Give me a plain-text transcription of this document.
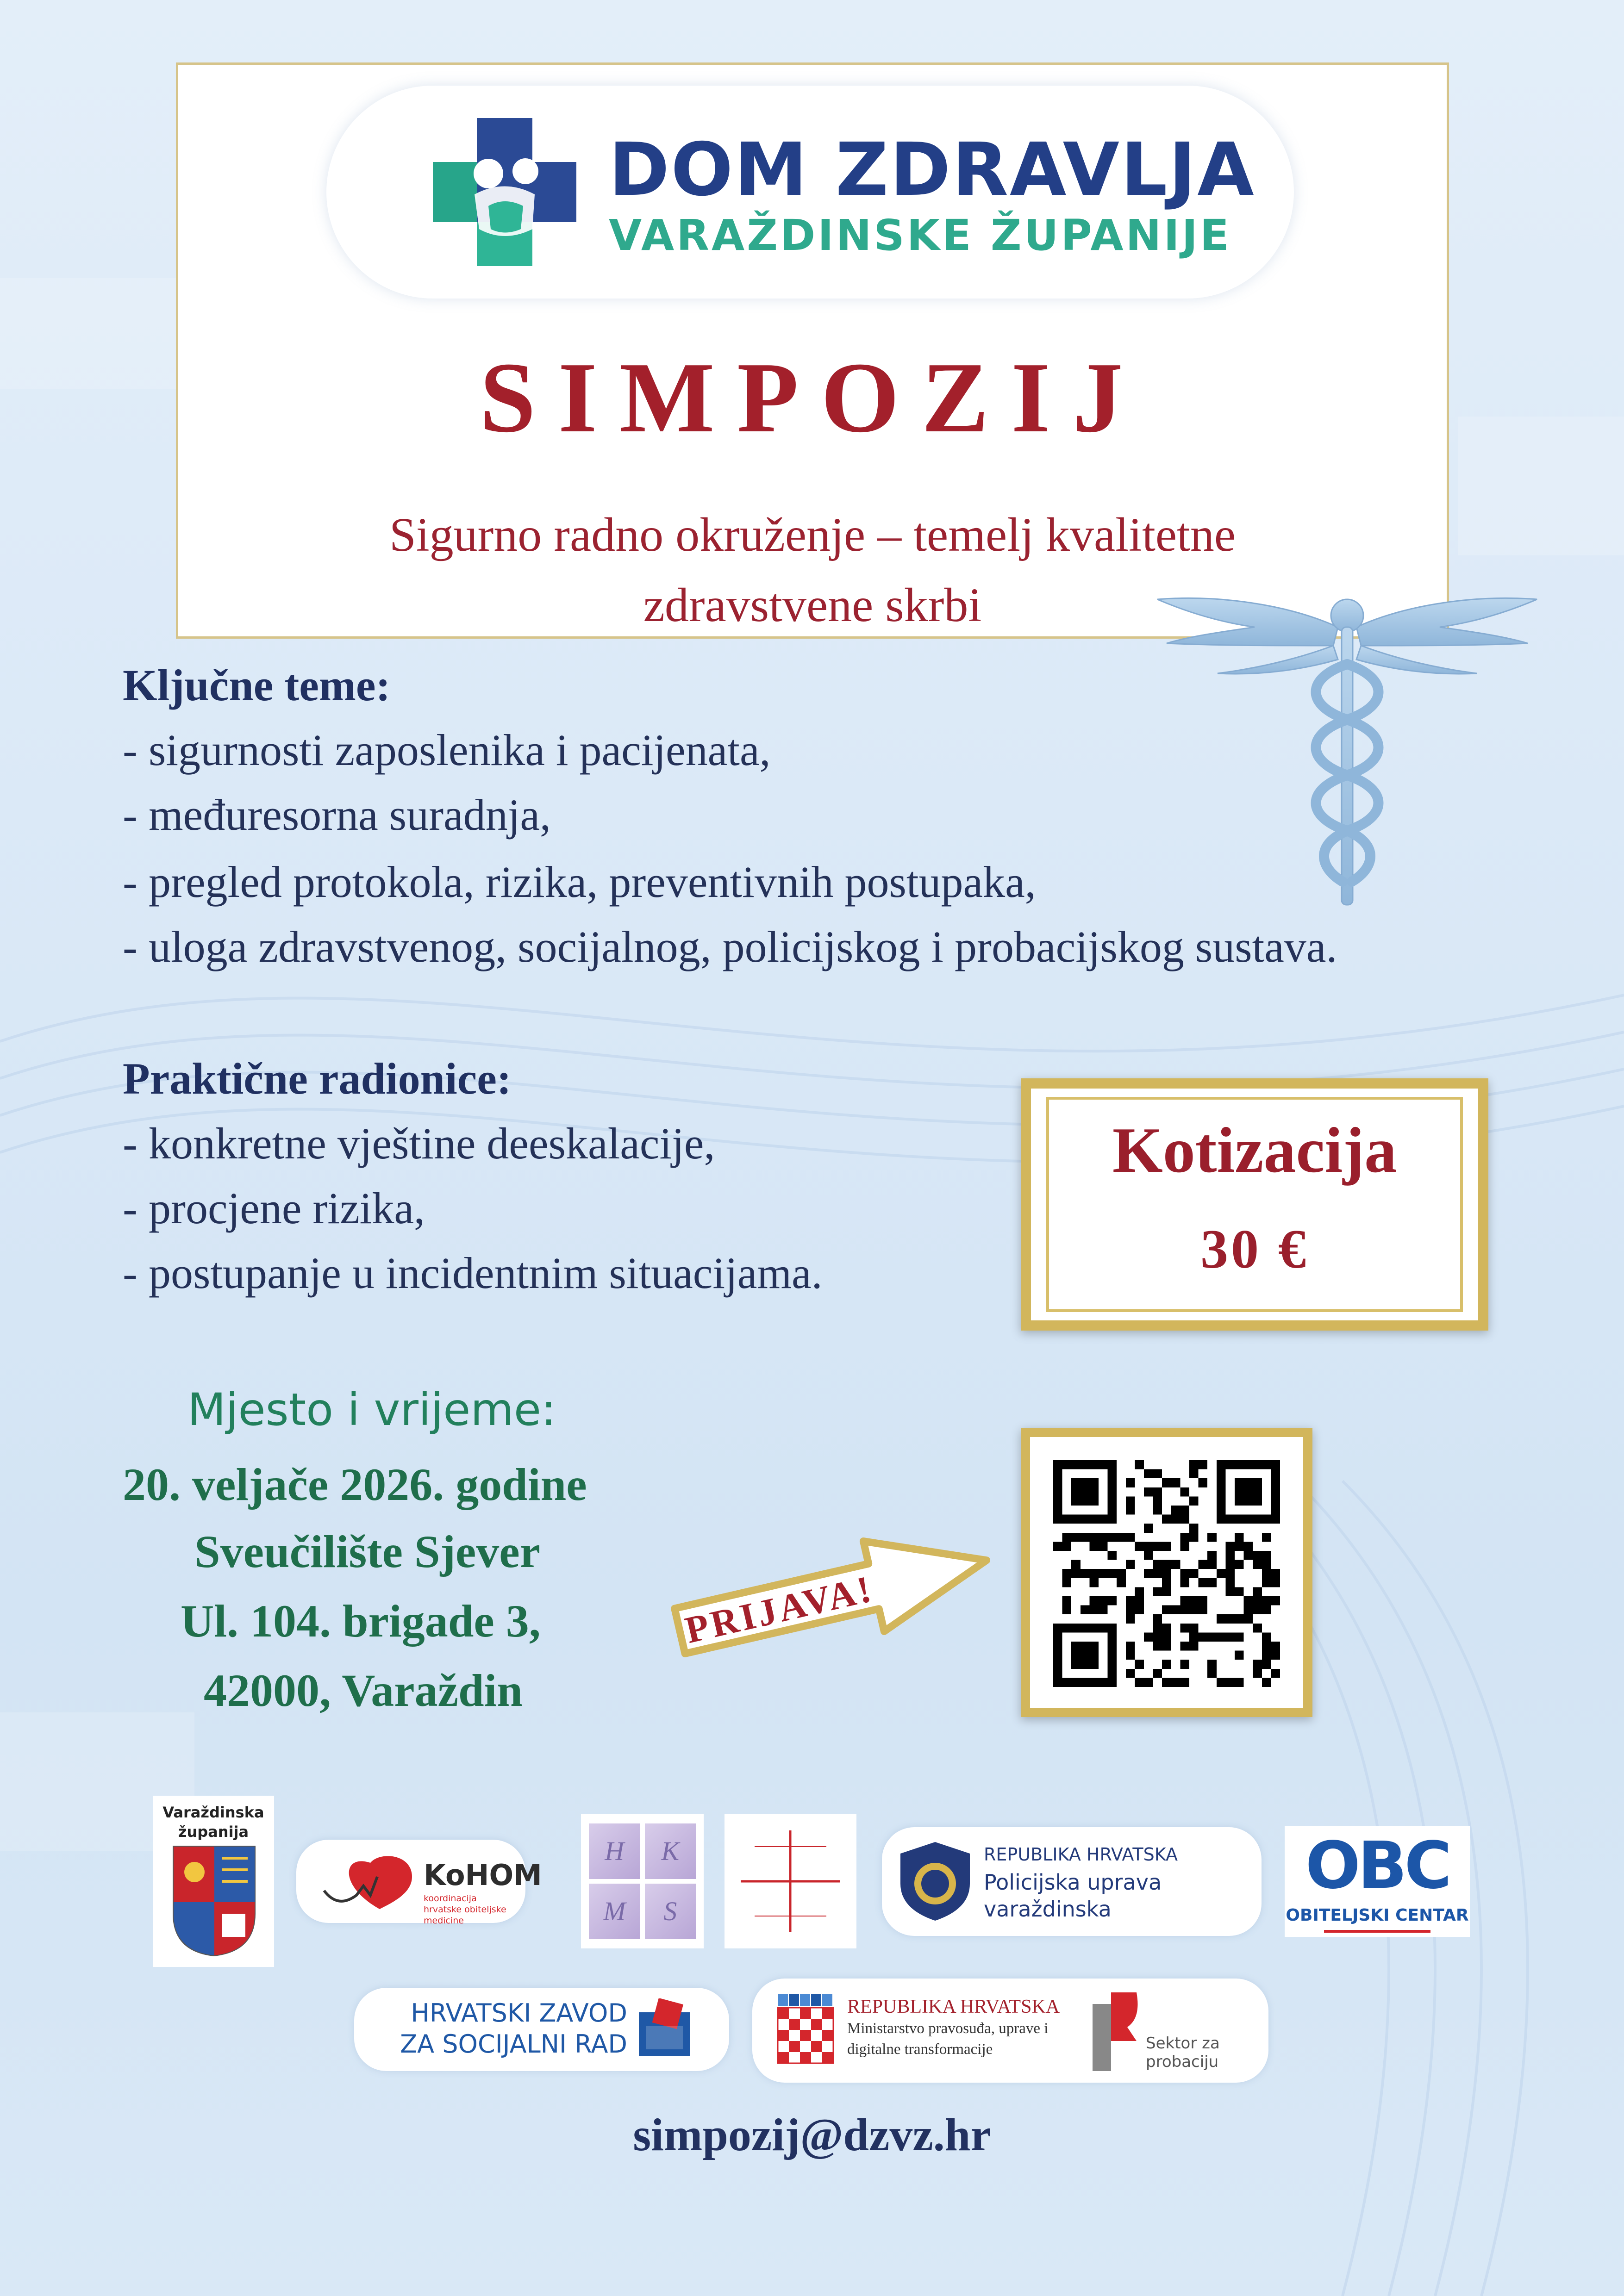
DOM ZDRAVLJA
VARAŽDINSKE ŽUPANIJE
SIMPOZIJ
Sigurno radno okruženje – temelj kvalitetne
zdravstvene skrbi
Ključne teme:
- sigurnosti zaposlenika i pacijenata,
- međuresorna suradnja,
- pregled protokola, rizika, preventivnih postupaka,
- uloga zdravstvenog, socijalnog, policijskog i probacijskog sustava.
Praktične radionice:
- konkretne vještine deeskalacije,
- procjene rizika,
- postupanje u incidentnim situacijama.
Kotizacija
30 €
Mjesto i vrijeme:
20. veljače 2026. godine
Sveučilište Sjever
Ul. 104. brigade 3,
42000, Varaždin
PRIJAVA!
Varaždinska županija
KoHOM
koordinacija hrvatske obiteljske medicine
H	K
M	S
REPUBLIKA HRVATSKA
Policijska uprava
varaždinska
OBC
OBITELJSKI CENTAR
HRVATSKI ZAVOD
ZA SOCIJALNI RAD
REPUBLIKA HRVATSKA
Ministarstvo pravosuđa, uprave i
digitalne transformacije	Sektor za
probaciju
simpozij@dzvz.hr
